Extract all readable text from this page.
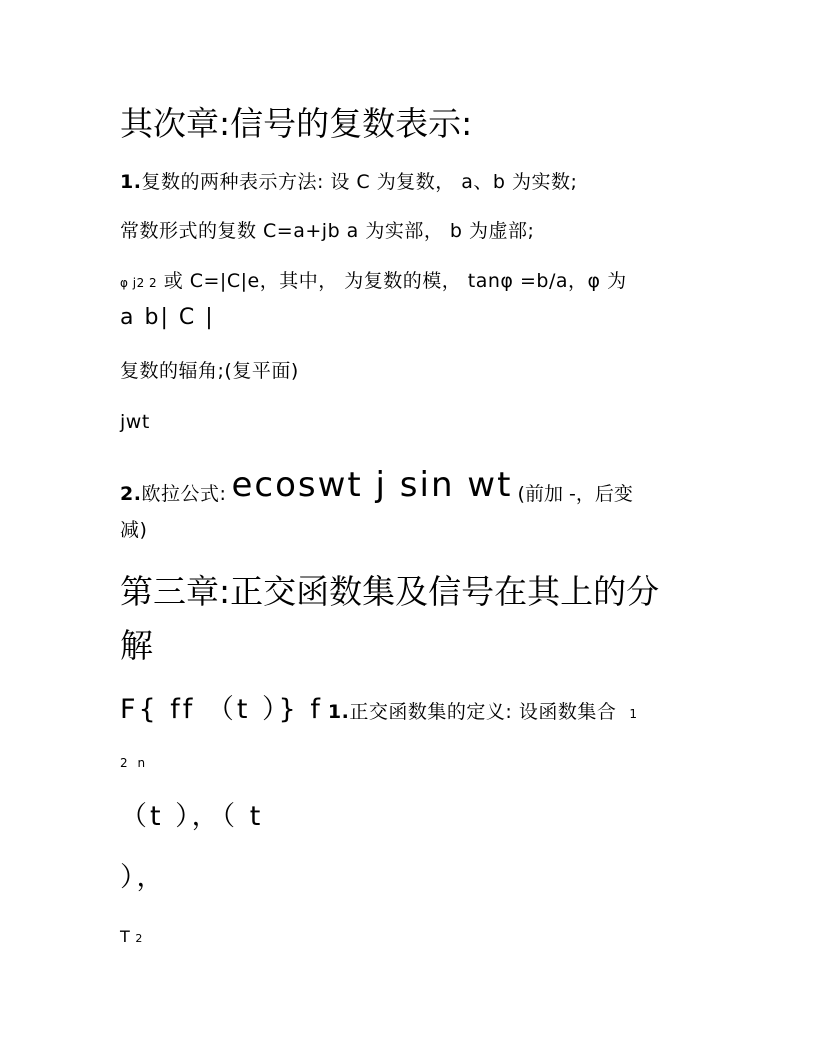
其次章:信号的复数表示:
1.复数的两种表示方法: 设 C 为复数， a、b 为实数;
常数形式的复数 C=a+jb a 为实部， b 为虚部;
φ j2 2 或 C=|C|e，其中， 为复数的模， tanφ =b/a，φ 为
a b| C |
复数的辐角;(复平面)
jwt
2.欧拉公式: ecoswt j sin wt (前加 -，后变
减)
第三章:正交函数集及信号在其上的分
解
F{ ff （t ）} f 1.正交函数集的定义: 设函数集合 1
2 n
（t ），（ t
），
T 2
